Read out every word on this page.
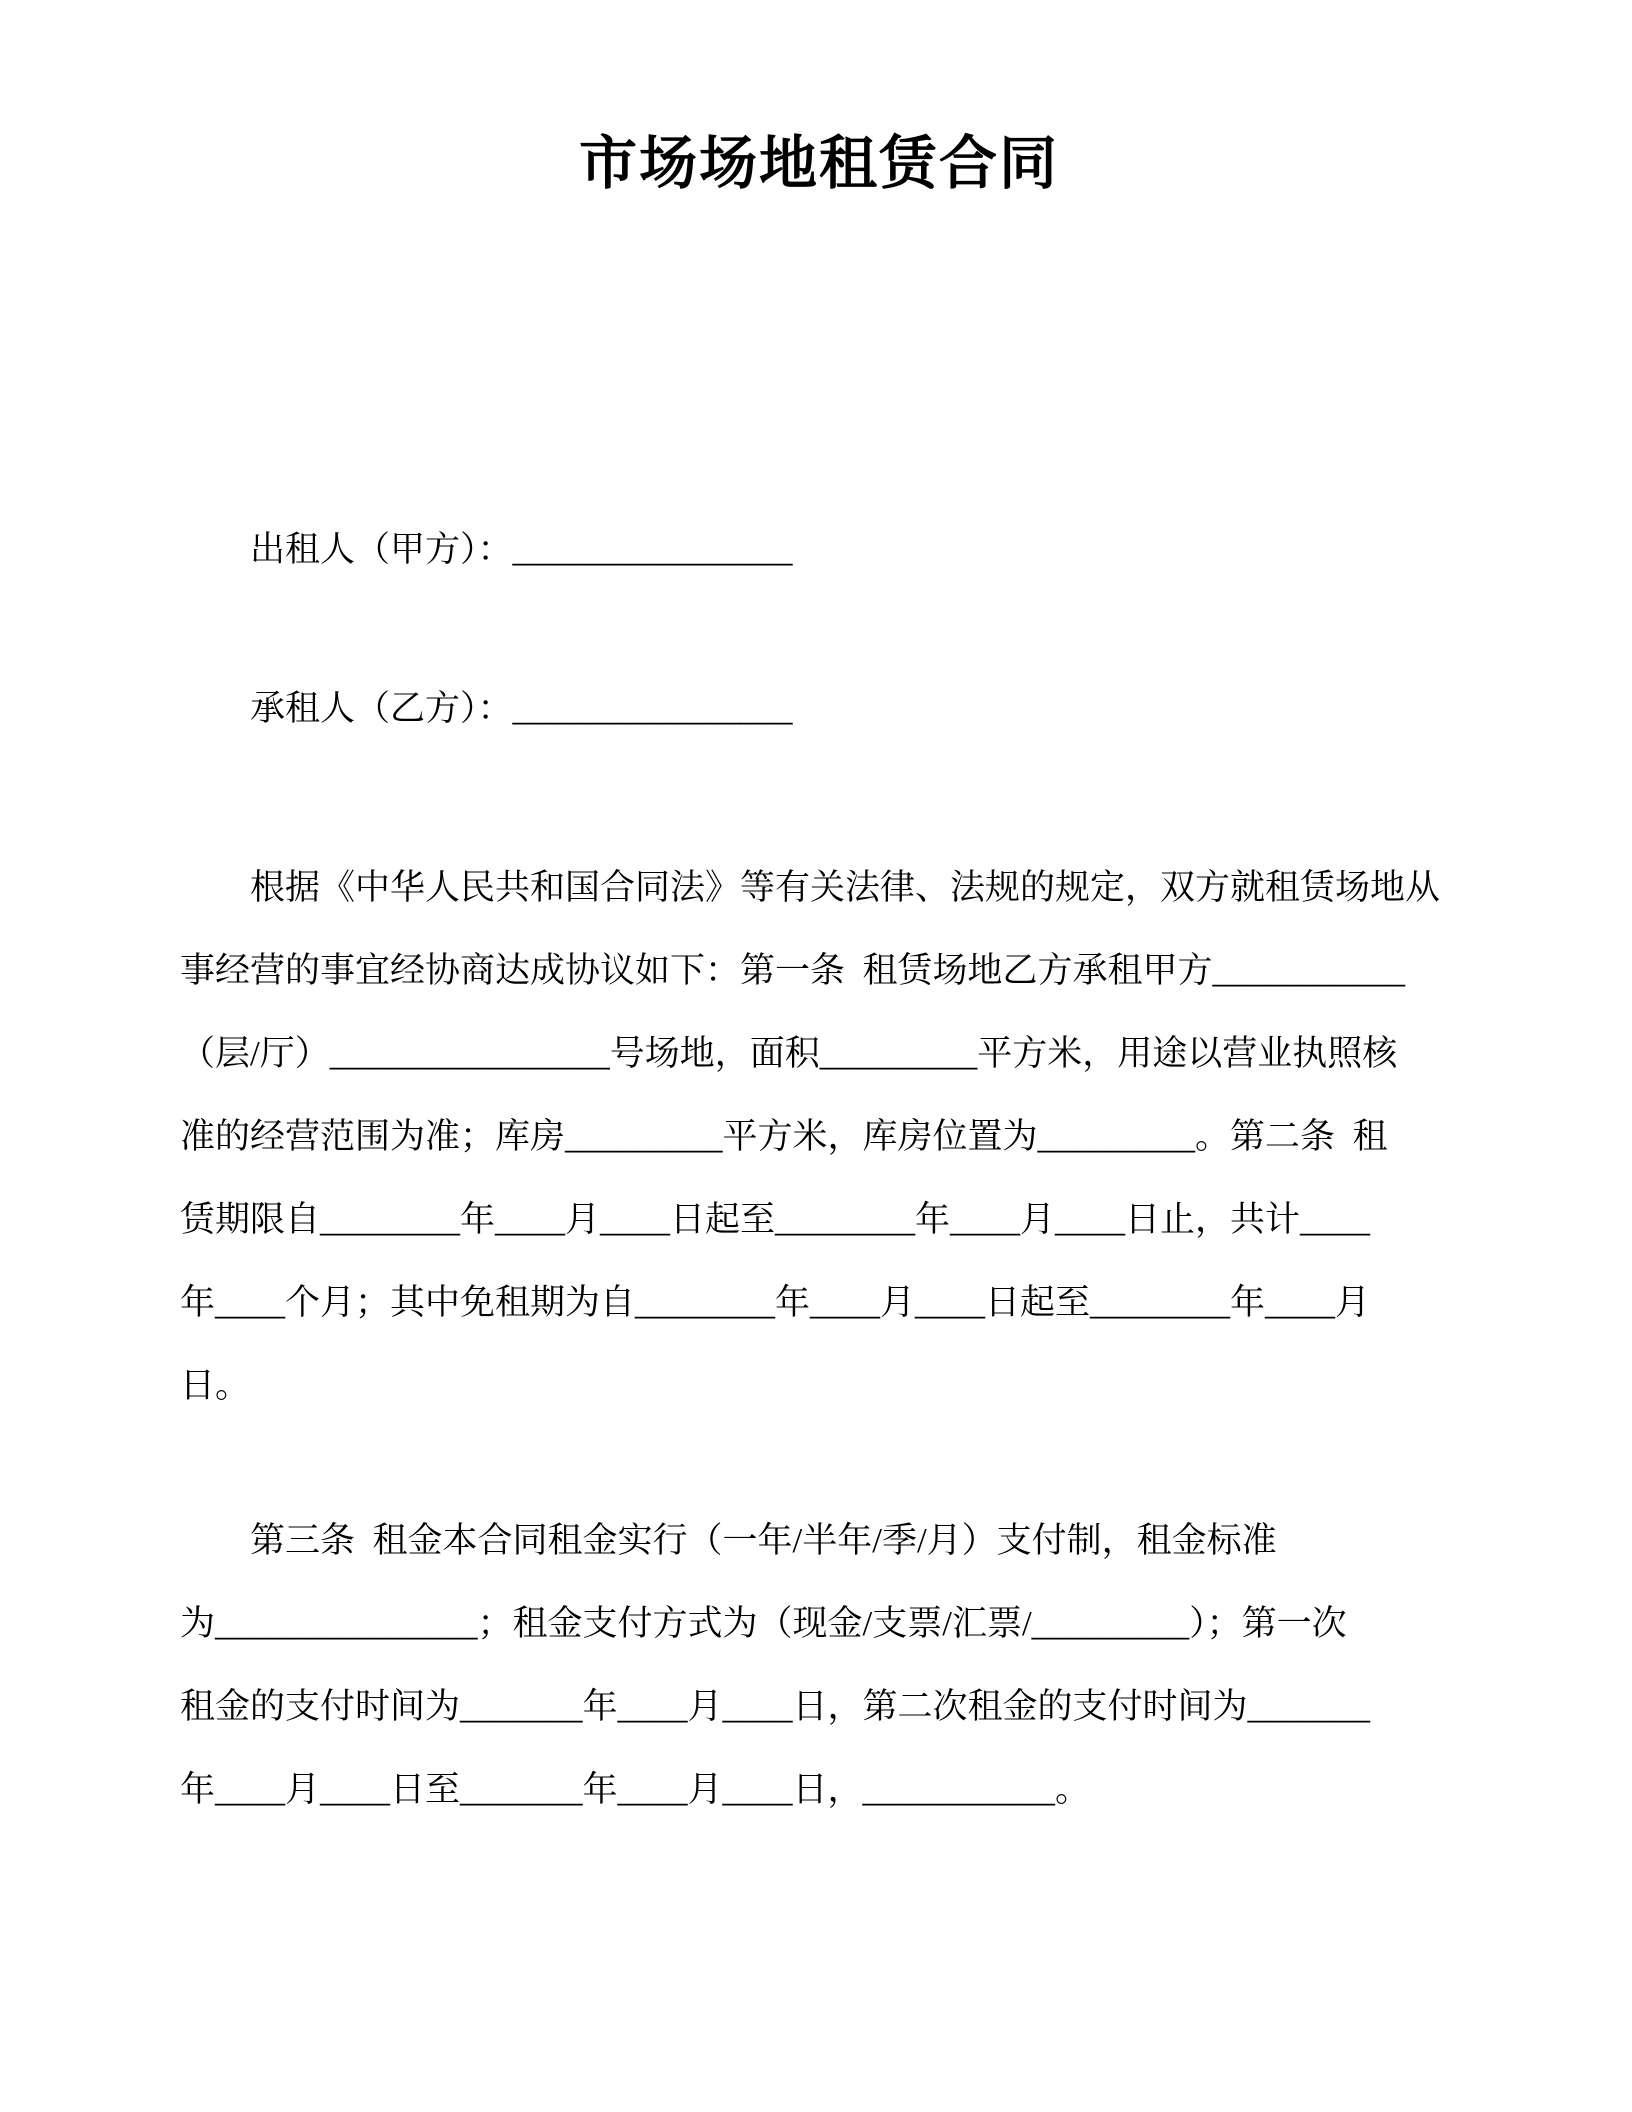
市场场地租赁合同
出租人（甲方）：________________
承租人（乙方）：________________
根据《中华人民共和国合同法》等有关法律、法规的规定，双方就租赁场地从
事经营的事宜经协商达成协议如下：第一条  租赁场地乙方承租甲方___________
（层/厅）________________号场地，面积_________平方米，用途以营业执照核
准的经营范围为准；库房_________平方米，库房位置为_________。第二条  租
赁期限自________年____月____日起至________年____月____日止，共计____
年____个月；其中免租期为自________年____月____日起至________年____月
日。
第三条  租金本合同租金实行（一年/半年/季/月）支付制，租金标准
为_______________；租金支付方式为（现金/支票/汇票/_________）；第一次
租金的支付时间为_______年____月____日，第二次租金的支付时间为_______
年____月____日至_______年____月____日，___________。
